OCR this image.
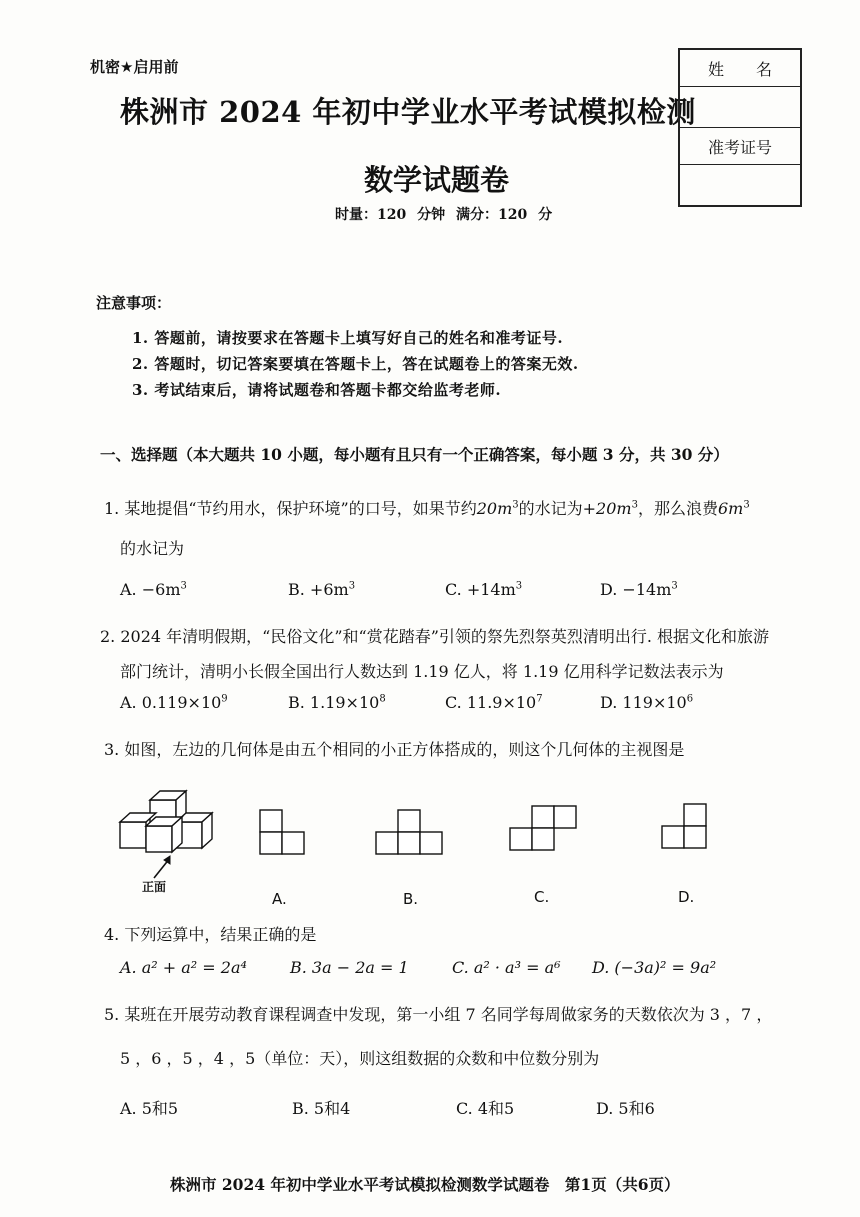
机密★启用前
株洲市 2024 年初中学业水平考试模拟检测
数学试题卷
时量：120 分钟 满分：120 分
姓　　名
准考证号
注意事项：
1. 答题前，请按要求在答题卡上填写好自己的姓名和准考证号.
2. 答题时，切记答案要填在答题卡上，答在试题卷上的答案无效.
3. 考试结束后，请将试题卷和答题卡都交给监考老师.
一、选择题（本大题共 10 小题，每小题有且只有一个正确答案，每小题 3 分，共 30 分）
1. 某地提倡“节约用水，保护环境”的口号，如果节约$20m^3$的水记为$+20m^3$，那么浪费$6m^3$
的水记为
A. $-6m^3$	B. $+6m^3$	C. $+14m^3$	D. $-14m^3$
2. 2024 年清明假期，“民俗文化”和“赏花踏春”引领的祭先烈祭英烈清明出行. 根据文化和旅游
部门统计，清明小长假全国出行人数达到 1.19 亿人，将 1.19 亿用科学记数法表示为
A. $0.119\times 10^9$	B. $1.19\times 10^8$	C. $11.9\times 10^7$	D. $119\times 10^6$
3. 如图，左边的几何体是由五个相同的小正方体搭成的，则这个几何体的主视图是
正面
A.	B.	C.	D.
4. 下列运算中，结果正确的是
A. a² + a² = 2a⁴	B. 3a − 2a = 1	C. a² · a³ = a⁶ D. (−3a)² = 9a²
5. 某班在开展劳动教育课程调查中发现，第一小组 7 名同学每周做家务的天数依次为 3 ，7 ，
5 ，6 ，5 ，4 ，5（单位：天），则这组数据的众数和中位数分别为
A. 5和5	B. 5和4	C. 4和5	D. 5和6
株洲市 2024 年初中学业水平考试模拟检测数学试题卷　第1页（共6页）
